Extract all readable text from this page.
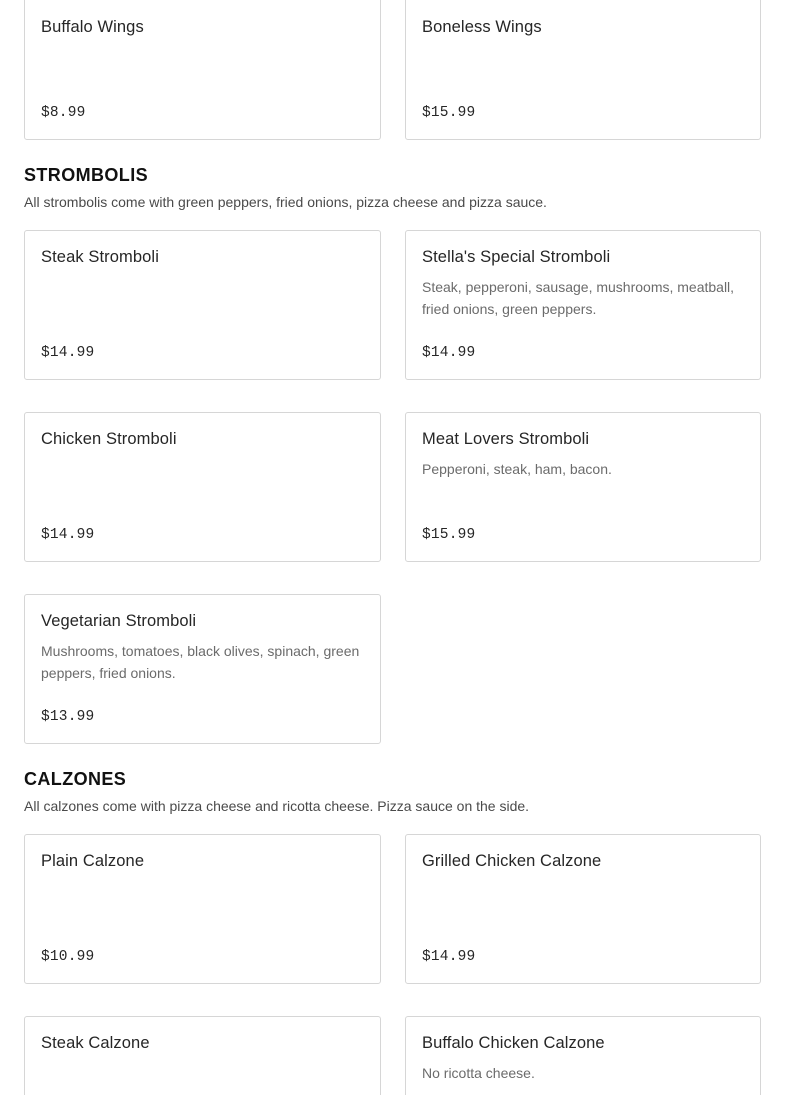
Buffalo Wings
$8.99
Boneless Wings
$15.99
STROMBOLIS
All strombolis come with green peppers, fried onions, pizza cheese and pizza sauce.
Steak Stromboli
$14.99
Stella's Special Stromboli
Steak, pepperoni, sausage, mushrooms, meatball, fried onions, green peppers.
$14.99
Chicken Stromboli
$14.99
Meat Lovers Stromboli
Pepperoni, steak, ham, bacon.
$15.99
Vegetarian Stromboli
Mushrooms, tomatoes, black olives, spinach, green peppers, fried onions.
$13.99
CALZONES
All calzones come with pizza cheese and ricotta cheese. Pizza sauce on the side.
Plain Calzone
$10.99
Grilled Chicken Calzone
$14.99
Steak Calzone	Buffalo Chicken Calzone
No ricotta cheese.
